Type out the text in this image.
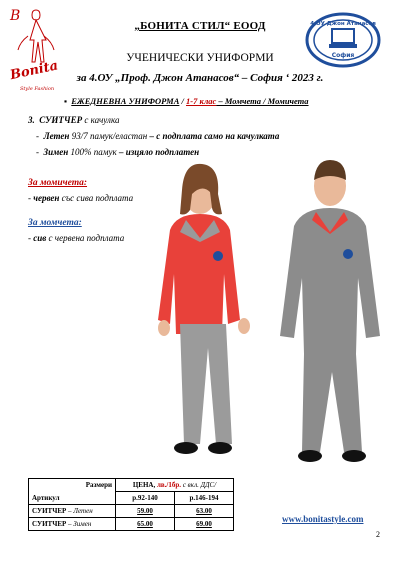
B
Bonita
Style Fashion
4 ОУ Джон Атанасов
София
„БОНИТА СТИЛ“ ЕООД
УЧЕНИЧЕСКИ УНИФОРМИ
за 4.ОУ „Проф. Джон Атанасов“ – София ‘ 2023 г.
▪ ЕЖЕДНЕВНА УНИФОРМА / 1-7 клас – Момчета / Момичета
3. СУИТЧЕР с качулка
-  Летен 93/7 памук/еластан – с подплата само на качулката
-  Зимен 100% памук – изцяло подплатен
За момичета:
- червен със сива подплата
За момчета:
- сив с червена подплата
Размери
Артикул	ЦЕНА, лв./1бр. с вкл. ДДС/	
	р.92-140	р.146-194
СУИТЧЕР – Летен	59.00	63.00
СУИТЧЕР – Зимен	65.00	69.00	www.bonitastyle.com
2
